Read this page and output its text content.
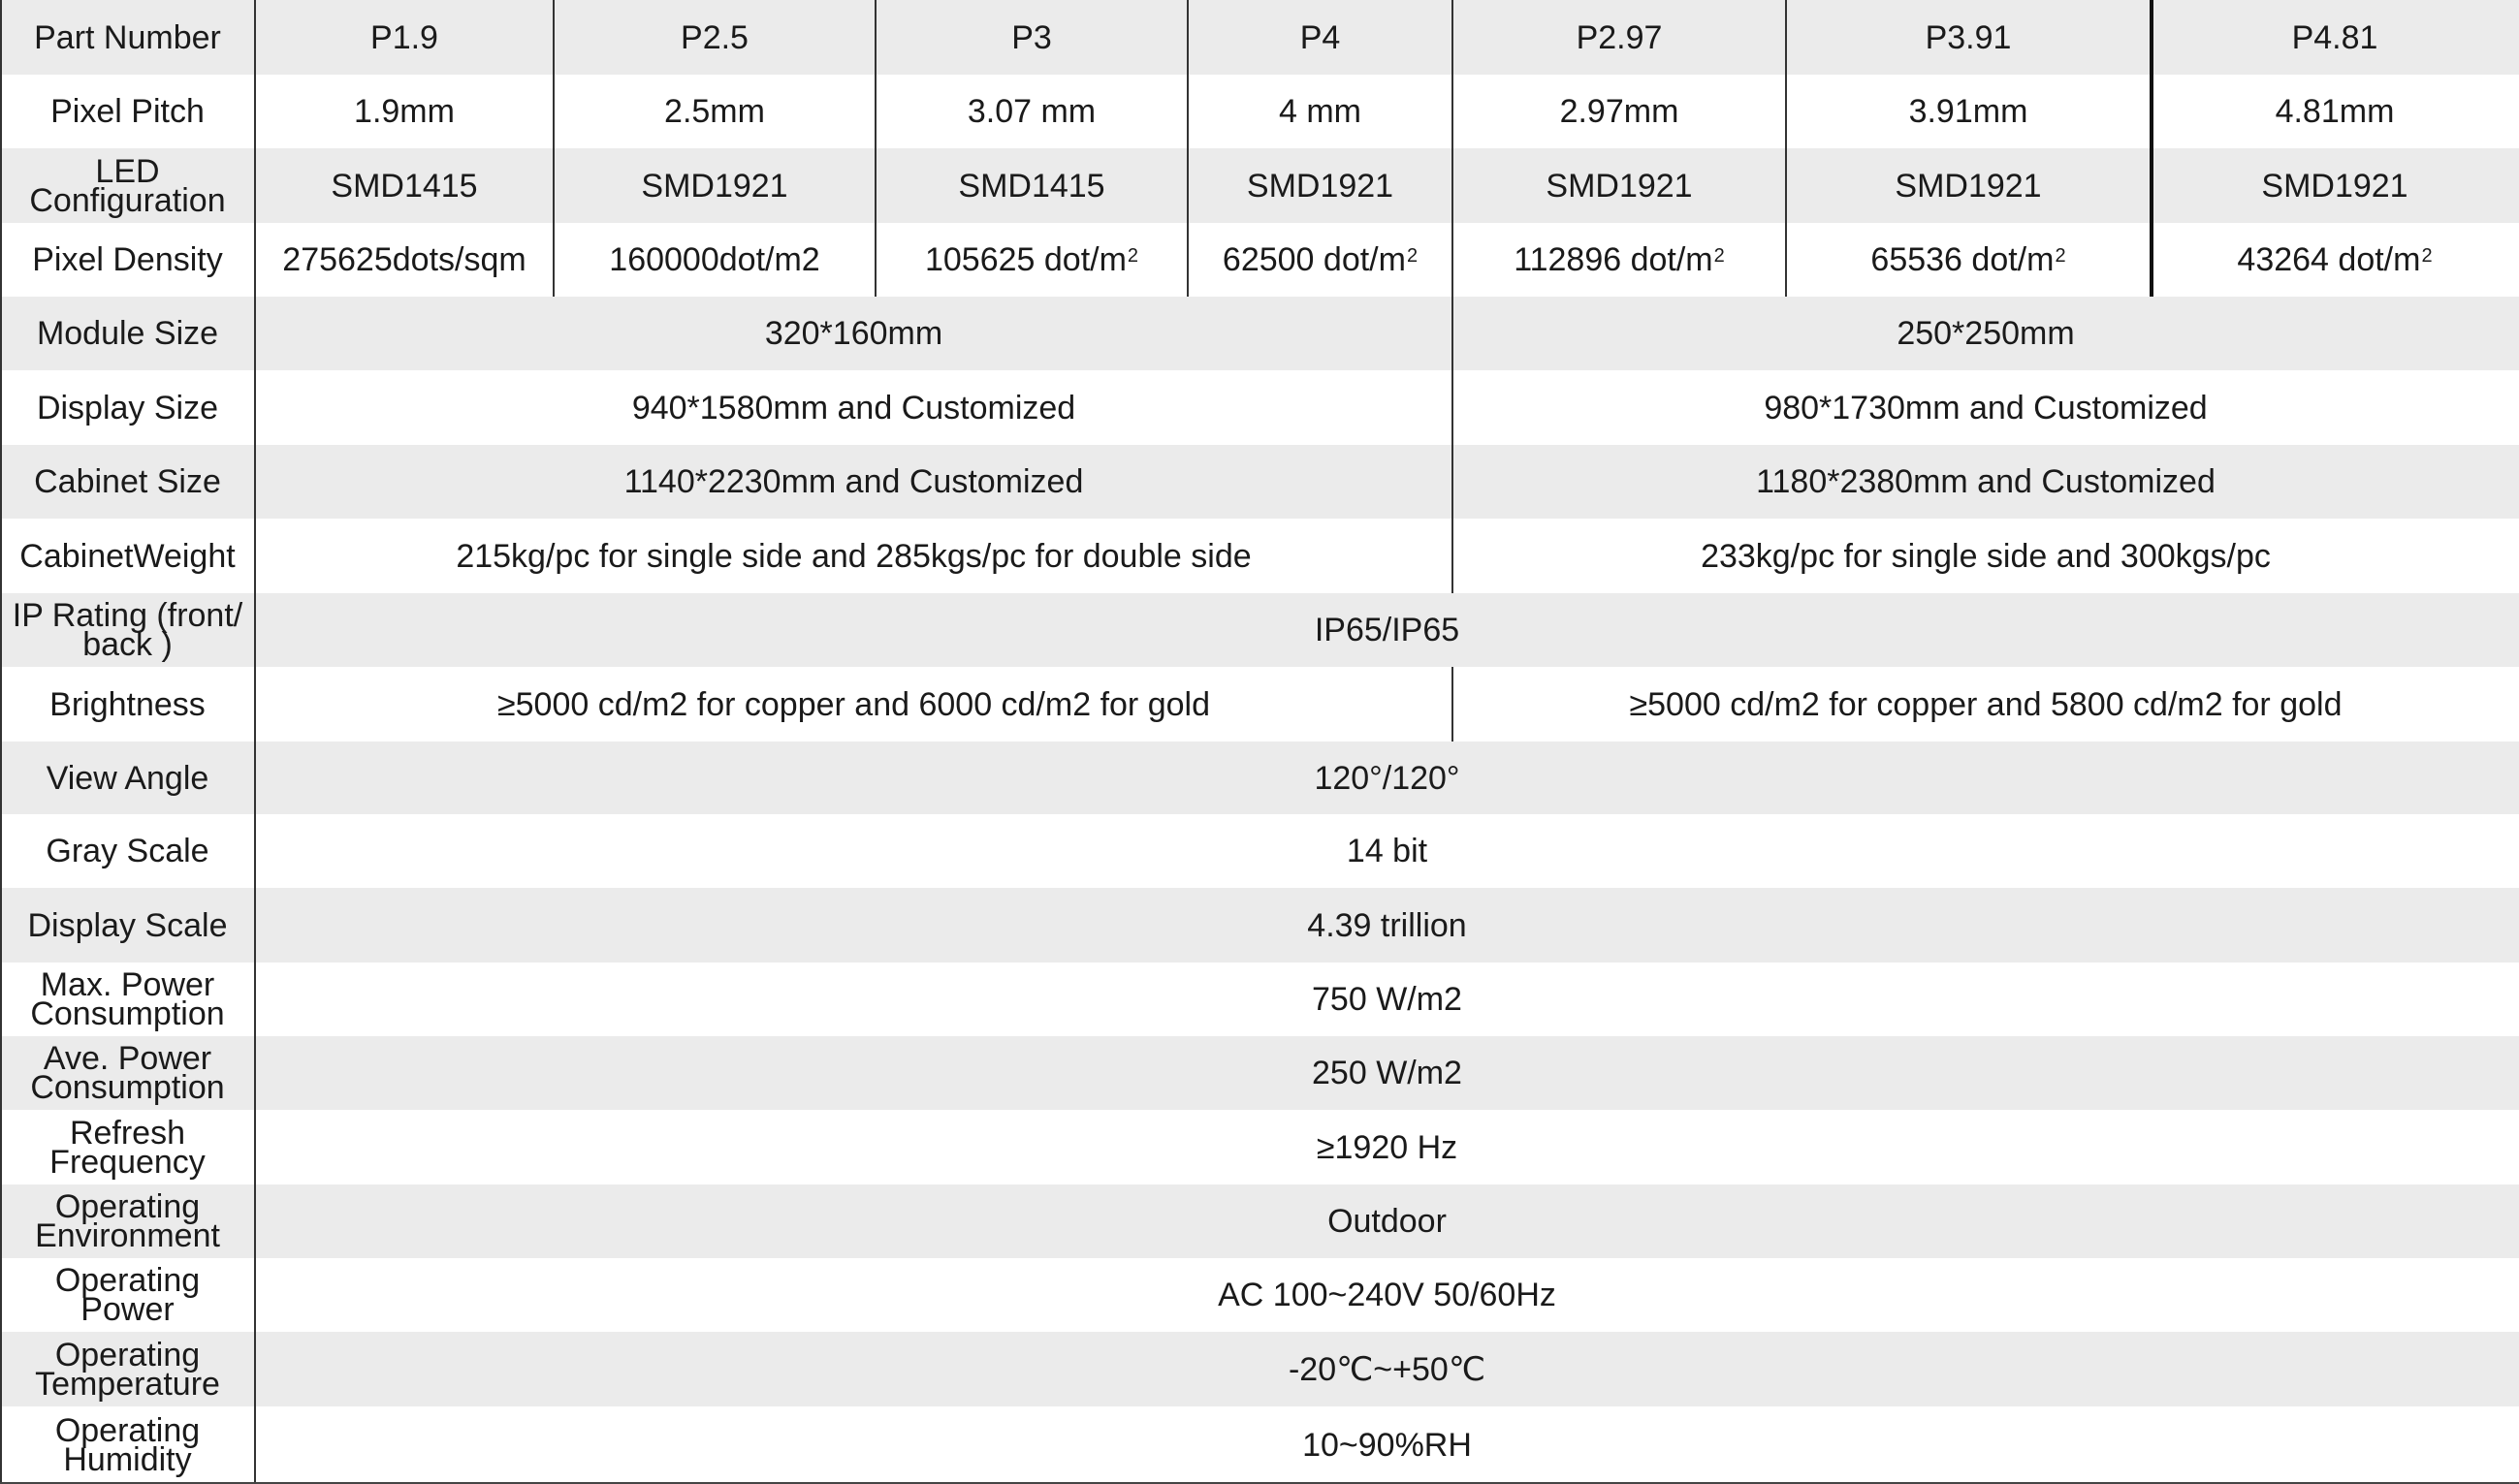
Part Number	P1.9	P2.5	P3	P4	P2.97	P3.91	P4.81
Pixel Pitch	1.9mm	2.5mm	3.07 mm	4 mm	2.97mm	3.91mm	4.81mm
LED
Configuration	SMD1415	SMD1921	SMD1415	SMD1921	SMD1921	SMD1921	SMD1921
Pixel Density 275625dots/sqm	160000dot/m2	105625 dot/$m^2$	62500 dot/$m^2$	112896 dot/$m^2$	65536 dot/$m^2$	43264 dot/$m^2$
Module Size	320*160mm	250*250mm
Display Size	940*1580mm and Customized	980*1730mm and Customized
Cabinet Size	1140*2230mm and Customized	1180*2380mm and Customized
CabinetWeight	215kg/pc for single side and 285kgs/pc for double side	233kg/pc for single side and 300kgs/pc
IP Rating (front/
back )	IP65/IP65
Brightness	≥5000 cd/m2 for copper and 6000 cd/m2 for gold	≥5000 cd/m2 for copper and 5800 cd/m2 for gold
View Angle	120°/120°
Gray Scale	14 bit
Display Scale	4.39 trillion
Max. Power
Consumption	750 W/m2
Ave. Power
Consumption	250 W/m2
Refresh
Frequency	≥1920 Hz
Operating
Environment	Outdoor
Operating
Power	AC 100~240V 50/60Hz
Operating
Temperature	-20℃~+50℃
Operating
Humidity	10~90%RH
